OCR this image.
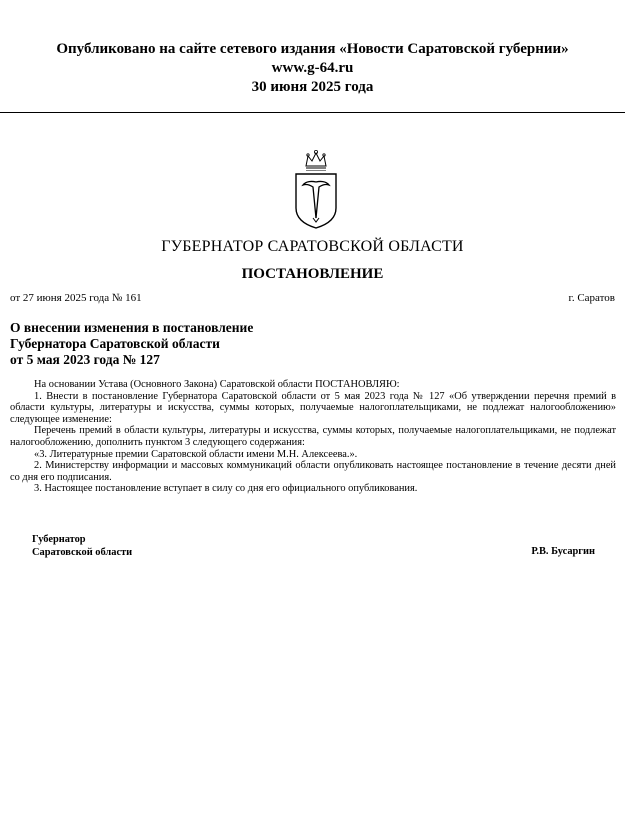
Опубликовано на сайте сетевого издания «Новости Саратовской губернии»
www.g-64.ru
30 июня 2025 года
ГУБЕРНАТОР САРАТОВСКОЙ ОБЛАСТИ
ПОСТАНОВЛЕНИЕ
от 27 июня 2025 года № 161	г. Саратов
О внесении изменения в постановление
Губернатора Саратовской области
от 5 мая 2023 года № 127

На основании Устава (Основного Закона) Саратовской области ПОСТАНОВЛЯЮ:

1. Внести в постановление Губернатора Саратовской области от 5 мая 2023 года № 127 «Об утверждении перечня премий в области культуры, литературы и искусства, суммы которых, получаемые налогоплательщиками, не подлежат налогообложению» следующее изменение:

Перечень премий в области культуры, литературы и искусства, суммы которых, получаемые налогоплательщиками, не подлежат налогообложению, дополнить пунктом 3 следующего содержания:

«3. Литературные премии Саратовской области имени М.Н. Алексеева.».

2. Министерству информации и массовых коммуникаций области опубликовать настоящее постановление в течение десяти дней со дня его подписания.

3. Настоящее постановление вступает в силу со дня его официального опубликования.

Губернатор
Саратовской области	Р.В. Бусаргин
